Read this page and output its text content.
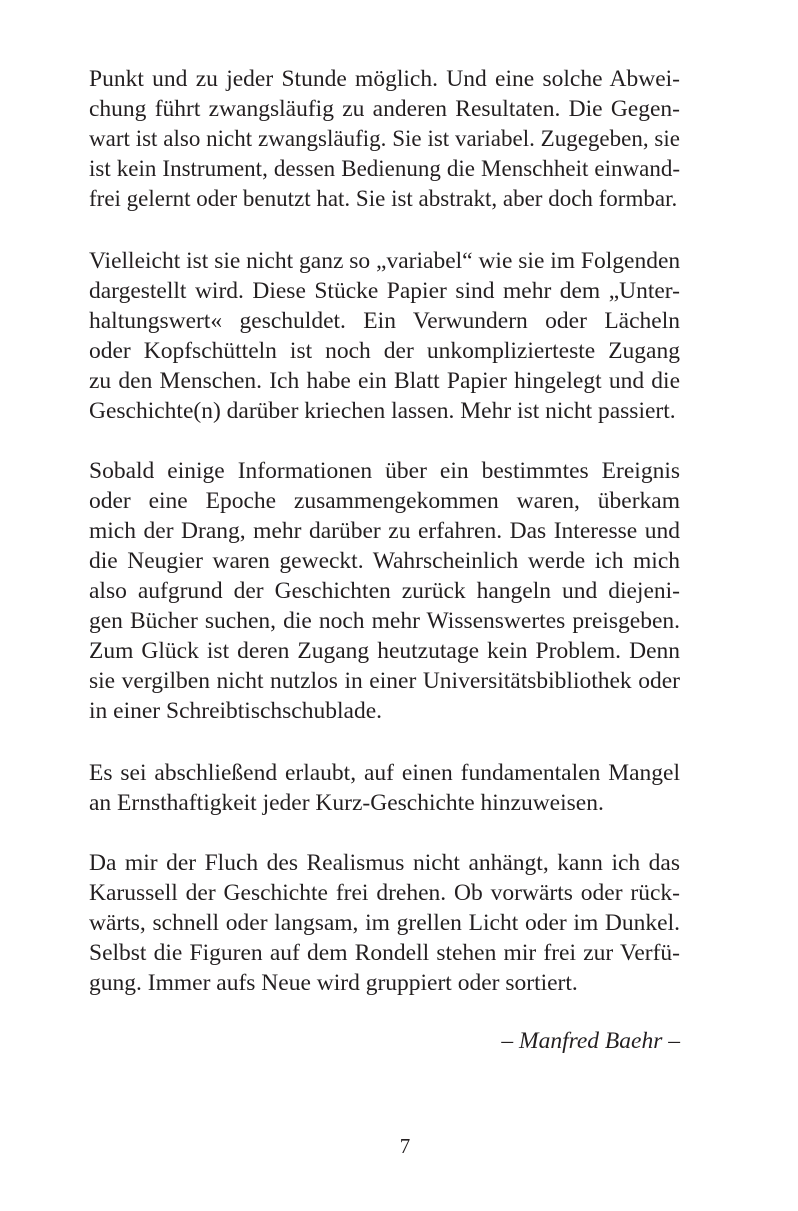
Punkt und zu jeder Stunde möglich. Und eine solche Abwei-
chung führt zwangsläufig zu anderen Resultaten. Die Gegen-
wart ist also nicht zwangsläufig. Sie ist variabel. Zugegeben, sie
ist kein Instrument, dessen Bedienung die Menschheit einwand-
frei gelernt oder benutzt hat. Sie ist abstrakt, aber doch formbar.
Vielleicht ist sie nicht ganz so „variabel“ wie sie im Folgenden
dargestellt wird. Diese Stücke Papier sind mehr dem „Unter-
haltungswert« geschuldet. Ein Verwundern oder Lächeln
oder Kopfschütteln ist noch der unkomplizierteste Zugang
zu den Menschen. Ich habe ein Blatt Papier hingelegt und die
Geschichte(n) darüber kriechen lassen. Mehr ist nicht passiert.
Sobald einige Informationen über ein bestimmtes Ereignis
oder eine Epoche zusammengekommen waren, überkam
mich der Drang, mehr darüber zu erfahren. Das Interesse und
die Neugier waren geweckt. Wahrscheinlich werde ich mich
also aufgrund der Geschichten zurück hangeln und diejeni-
gen Bücher suchen, die noch mehr Wissenswertes preisgeben.
Zum Glück ist deren Zugang heutzutage kein Problem. Denn
sie vergilben nicht nutzlos in einer Universitätsbibliothek oder
in einer Schreibtischschublade.
Es sei abschließend erlaubt, auf einen fundamentalen Mangel
an Ernsthaftigkeit jeder Kurz-Geschichte hinzuweisen.
Da mir der Fluch des Realismus nicht anhängt, kann ich das
Karussell der Geschichte frei drehen. Ob vorwärts oder rück-
wärts, schnell oder langsam, im grellen Licht oder im Dunkel.
Selbst die Figuren auf dem Rondell stehen mir frei zur Verfü-
gung. Immer aufs Neue wird gruppiert oder sortiert.
– Manfred Baehr –
7
